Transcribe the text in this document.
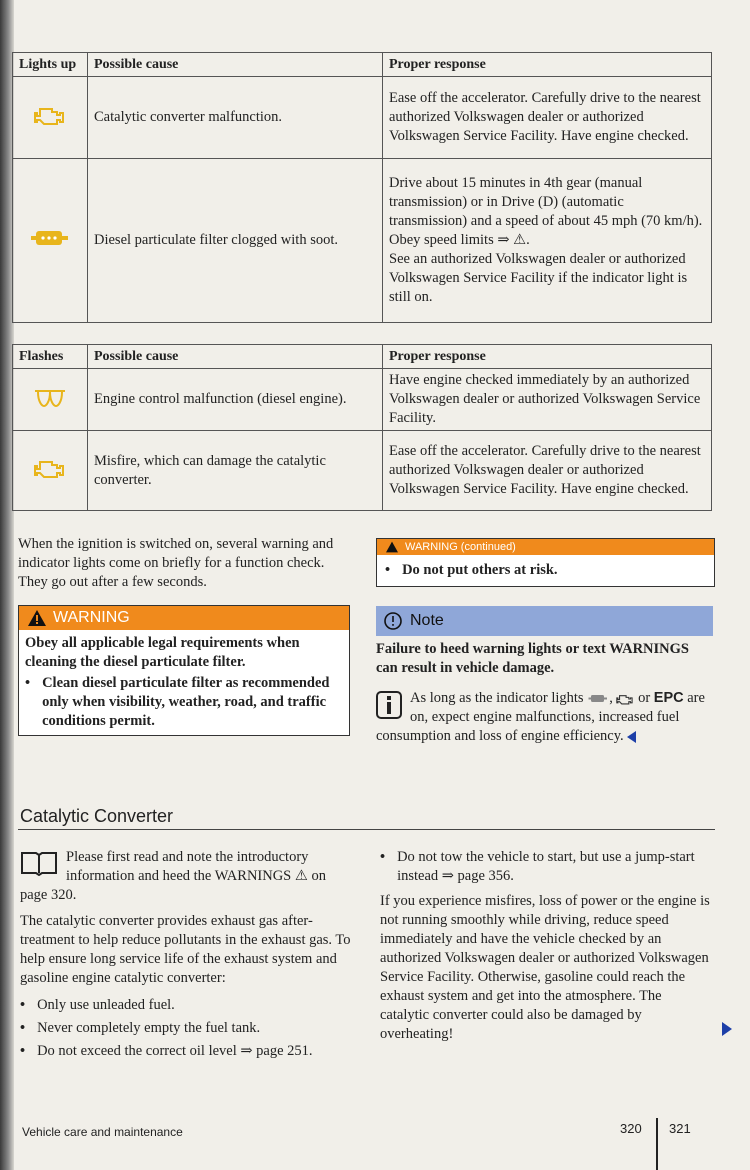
Lights up	Possible cause	Proper response
	Catalytic converter malfunction.	Ease off the accelerator. Carefully drive to the nearest authorized Volkswagen dealer or authorized Volkswagen Service Facility. Have engine checked.
	Diesel particulate filter clogged with soot.	Drive about 15 minutes in 4th gear (manual transmission) or in Drive (D) (automatic transmission) and a speed of about 45 mph (70 km/h).
Obey speed limits ⇒ ⚠.
See an authorized Volkswagen dealer or authorized Volkswagen Service Facility if the indicator light is still on.
Flashes	Possible cause	Proper response
	Engine control malfunction (diesel engine).	Have engine checked immediately by an authorized Volkswagen dealer or authorized Volkswagen Service Facility.
	Misfire, which can damage the catalytic converter.	Ease off the accelerator. Carefully drive to the nearest authorized Volkswagen dealer or authorized Volkswagen Service Facility. Have engine checked.
When the ignition is switched on, several warning and indicator lights come on briefly for a function check. They go out after a few seconds.
WARNING
Obey all applicable legal requirements when cleaning the diesel particulate filter.
• Clean diesel particulate filter as recommended only when visibility, weather, road, and traffic conditions permit.
WARNING (continued)
• Do not put others at risk.
Note
Failure to heed warning lights or text WARNINGS can result in vehicle damage.
As long as the indicator lights ,  or EPC are on, expect engine malfunctions, increased fuel consumption and loss of engine efficiency.
Catalytic Converter
Please first read and note the introductory information and heed the WARNINGS ⚠ on page 320.
The catalytic converter provides exhaust gas after-treatment to help reduce pollutants in the exhaust gas. To help ensure long service life of the exhaust system and gasoline engine catalytic converter:
• Only use unleaded fuel.
• Never completely empty the fuel tank.
• Do not exceed the correct oil level ⇒ page 251.
• Do not tow the vehicle to start, but use a jump-start instead ⇒ page 356.
If you experience misfires, loss of power or the engine is not running smoothly while driving, reduce speed immediately and have the vehicle checked by an authorized Volkswagen dealer or authorized Volkswagen Service Facility. Otherwise, gasoline could reach the exhaust system and get into the atmosphere. The catalytic converter could also be damaged by overheating!
Vehicle care and maintenance	320 321
